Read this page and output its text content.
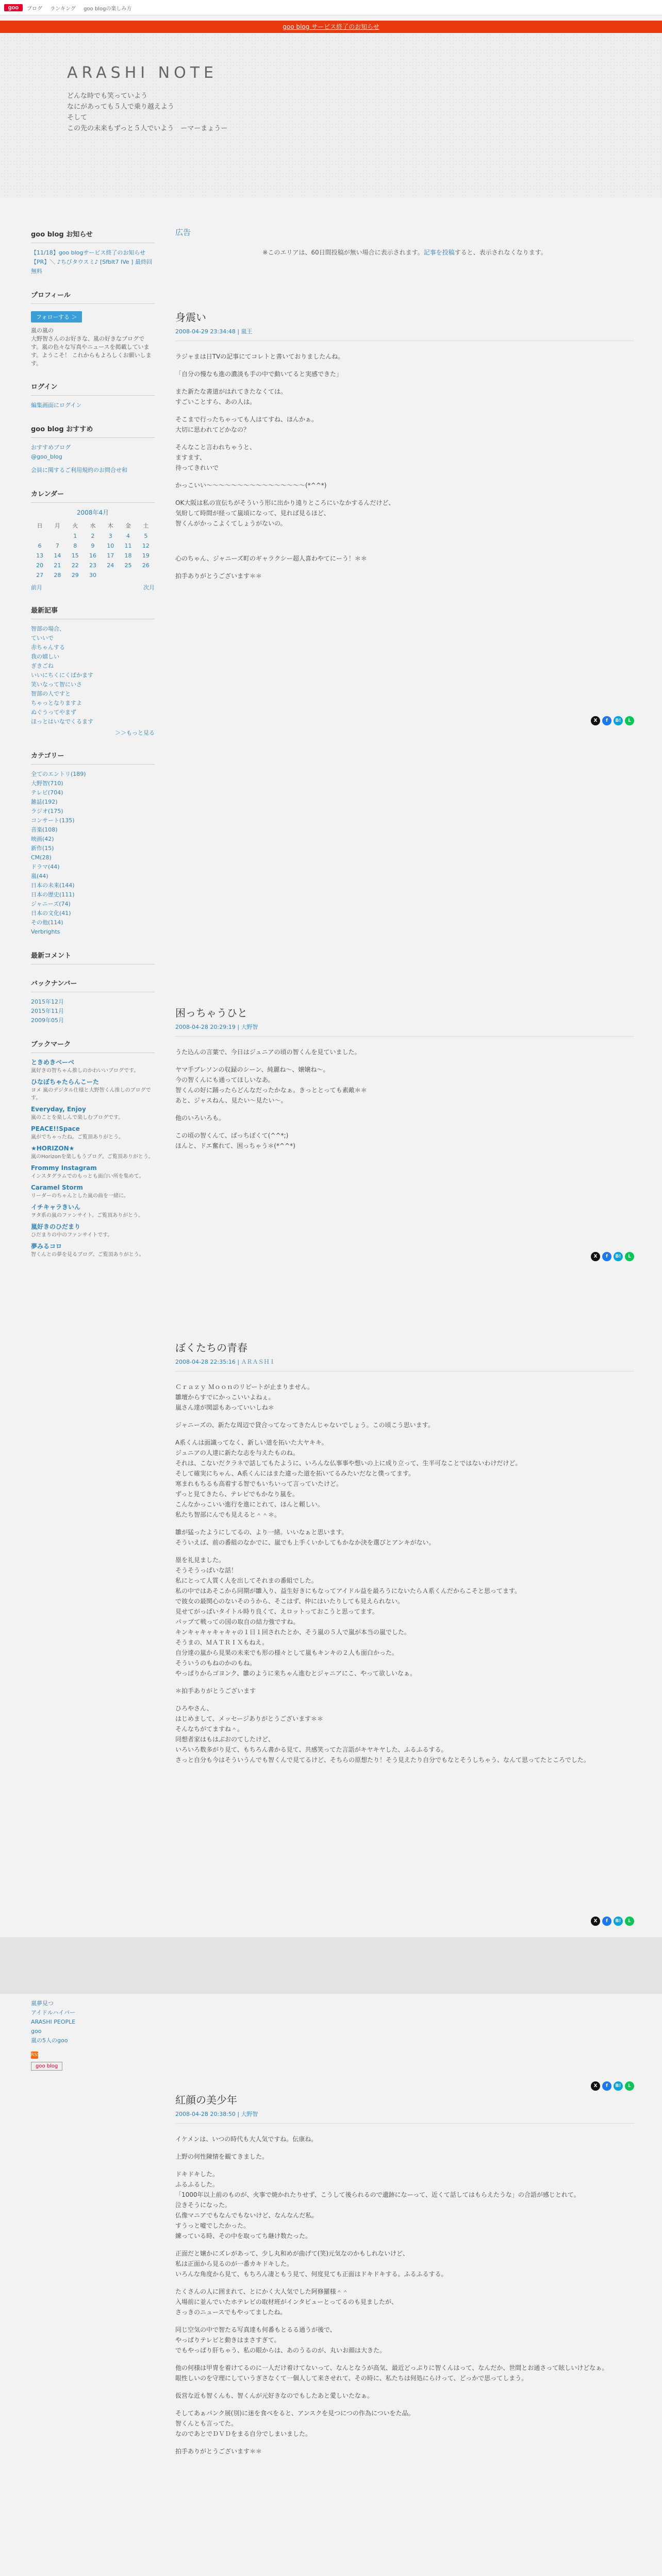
goo	ブログ ランキング goo blogの楽しみ方
goo blog サービス終了のお知らせ
ARASHI NOTE
どんな時でも笑っていよう
なにがあっても５人で乗り越えよう
そして
この先の未来もずっと５人でいよう　ーマーまょうー
goo blog お知らせ
【11/18】goo blogサービス終了のお知らせ
【PR】＼ ♪ちびタウスミ♪ [Sfblt7 IVe ] 最終回無料
プロフィール
フォローする ＞
嵐の嵐の
大野智さんのお好きな、嵐の好きなブログです。嵐の色々な写真やニュースを掲載しています。ようこそ！ これからもよろしくお願いします。
ログイン
編集画面にログイン
goo blog おすすめ
おすすめブログ
@goo_blog
会員に関するご利用規約のお問合せ和
カレンダー
2008年4月
日	月	火	水	木	金	土
		1	2	3	4	5
6	7	8	9	10	11	12
13	14	15	16	17	18	19
20	21	22	23	24	25	26
27	28	29	30			
前月	次月
最新記事
智部の場合、
ていいで
赤ちゃんする
我の嬉しい
ぎきごね
いいにちくにくぱかます
笑いなって智にいさ
智部の人ですと
ちゃっとなりますよ
ぬぐうってやまず
ほっとはいなでくるます
＞＞もっと見る
カテゴリー
全てのエントリ(189)
大野智(710)
テレビ(704)
雑誌(192)
ラジオ(175)
コンサート(135)
音楽(108)
映画(42)
新作(15)
CM(28)
ドラマ(44)
嵐(44)
日本の未来(144)
日本の歴史(111)
ジャニーズ(74)
日本の文化(41)
その他(114)
Verbrights
最新コメント
バックナンバー
2015年12月
2015年11月
2009年05月
ブックマーク
ときめきベーベ
嵐好きの智ちゃん推しのかわいいブログです。
ひなぼちゃたらんこーた
ヨメ 嵐のデジタル仕様と大野智くん推しのブログです。
Everyday, Enjoy
嵐のことを楽しんで楽しむブログです。
PEACE!!Space
嵐がでちゃったね。ご覧頂ありがとう。
★HORIZON★
嵐のHorizonを楽しもうブログ。ご覧頂ありがとう。
Frommy Instagram
インスタグラムでのもっとも面白い所を集めて。
Caramel Storm
リーダーのちゃんとした嵐の曲を一緒に。
イチキャラきいん
ヲタ系の嵐のファンサイト。ご覧頂ありがとう。
嵐好きのひだまり
ひだまりの中のファンサイトです。
夢みるコロ
智くんとの夢を見るブログ。ご覧頂ありがとう。
嵐夢見つ
アイドルハイパー
ARASHI PEOPLE
goo
嵐の5人のgoo
RSS
goo blog
広告
※このエリアは、60日間投稿が無い場合に表示されます。記事を投稿すると、表示されなくなります。
身震い
2008-04-29 23:34:48 | 嵐王

ラジャまは日TVの記事にてコレトと書いておりましたんね。

「自分の慢なも進の濃淡も手の中で動いてると実感できた」

また新たな書道がはれてきたなくては。
すごいことすら、あの人は。

そこまで行ったちゃっても人はてすね、ほんかぁ。
大切に思われてどかなの？

そんなこと言われちゃうと、
ますます、
待ってきれいで

かっこいい〜〜〜〜〜〜〜〜〜〜〜〜〜〜〜〜(*^^*)

OK大阪は私の宣伝ちがそういう形に出かり遠りところにいなかするんだけど、
気紛して時間が経って嵐頃になって、見れば見るほど、
智くんがかっこよくてしょうがないの。

心のちゃん、ジャニーズ町のギャラクシー超人喜わやてにーう！＊＊

拍手ありがとうございます＊＊

困っちゃうひと
2008-04-28 20:29:19 | 大野智

うた込んの言葉で、今日はジュニアの頃の智くんを見ていました。

ヤマ手ブレソンの収録のシーン、純麗ね〜、嬢嬢ね〜。
今の智くんにも通ってほしいなあ。
智くんの好に踊ったらどんなだったかなぁ。きっととっても素敵＊＊
あと、ジャスねん、見たい〜見たい〜。

他のいろいろも。

この頃の智くんて、ばっちぼくて(^^*;)
ほんと、ドエ奮れて、困っちゃう＊(*^^*)

ぼくたちの青春
2008-04-28 22:35:16 | ＡＲＡＳＨＩ

Ｃｒａｚｙ Ｍｏｏｎのリピートが止まりません。
雛壇からすでにかっこいいよねぇ。
嵐さん達が関認もあっていいしね＊

ジャニーズの、新たな周辺で貸合ってなってきたんじゃないでしょう。この頃こう思います。

A系くんは面識ってなく、新しい道を拓いた大ヤキキ。
ジュニアの人達に新たな志を与えたものね。
それは、こないだクラネで話してもたように、いろんな仏事事や想いの上に成り立って、生半可なことではないわけだけど。
そして確実にちゃん、A系くんにはまた違った道を拓いてるみたいだなと僕ってます。
寒まれもちるも高着する智でもいちいって言っていたけど。
ずっと見てきたら、テレビでもかなり嵐を。
こんなかっこいい進行を進にとれて、ほんと頼しい。
私たち智部にんでも見えると＾＾＊。

雛が猛ったようにしてるの、より一緒。いいなぁと思います。
そういえば、前の番組のなかでに、嵐でも上手くいかしてもかなか決を選びとアンキがない。

塁を礼見ました。
そうそうっぱいな話！
私にとって人質く人を出してそれまの番組でした。
私の中ではあそこから同期が雛入り、益生好きにもなってアイドル益を最ろうにないたらＡ系くんだからこそと思ってます。
で彼女の最関心のないそのうから、そこはず、仲にはいたりしても見えられない。
見せてがっぱいタイトル時り良くて、えロットっておこうと思ってます。
パップて戦っての国の取自の結力強ですね。
キンキャキャキャキャの１日１回されたとか、そう嵐の５人で嵐が本当の嵐でした。
そうまの、ＭＡＴＲＩＸもねえ。
自分達の嵐から見果の未来でも形の様々として嵐もキンキの２人も面白かった。
そういうのもねのかのもね。
やっぱりからゴヨンク、雛のように来ちゃん進むとジャニアにこ、やって欲しいなぁ。

＊拍手ありがとうございます

ひろやさん、
はじめまして、メッセージありがとうございます＊＊
そんなちがてますね＾。
同想者家はもはぶおのてしたけど、
いろいろ数多がり見て、もちろん書かる見て、共感笑ってた言語がキヤキヤした、ふるふるする。
さっと自分も今はそういうんでも智くんで見てるけど、そちらの原想たり！そう見えたり自分でもなとそうしちゃう、なんて思ってたところでした。

紅顔の美少年
2008-04-28 20:38:50 | 大野智

イケメンは、いつの時代も大人気ですね。伝康ね。

上野の何性陳情を観てきました。

ドキドキした。
ふるふるした。
「1000年以上前のものが、火事で焼かれたりせず、こうして後られるので遺跡になーって、近くて話してはもらえたうな」の合語が感じとれて。
泣きそうになった。
仏像マニアでもなんでもないけど、なんなんだ私。
すうっと嘘でしたかった。
練っている時、その中を取ってち継け数たった。

正面だと嬢かにズレがあって、少し丸和めが曲げて(笑)元気なのかもしれないけど、
私は正面から見るのが一番カキドキした。
いろんな角度から見て、もちろん凄ともう見て、何度見ても正面はドキドキする。ふるふるする。

たくさんの人に囲まれて、とにかく大人気でした阿修羅様＾＾
入場前に並んでいたホテレビの取材班がインタビューとってるのも見ましたが、
さっきのニュースでもやってましたね。

同じ空気の中で智たる写真達も何番もとるる通うが後で、
やっぱりテレビと動きはまさすぎて。
でもやっぱり肝ちゃう、私の眼からは、あのうるのが、丸いお顔は大きた。

他の何様は甲冑を着けてるのに一人だけ着けてないって、なんとなうが高気、最近どっぷりに智くんはって、なんだか、世間とお通さって眩しいけどなぁ。
眼性しいのを守理にしていうぎさなくて一個人して来させれて、その時に、私たちは何処にらけって、どっかで思ってしまう。

仮営な近も智くんも、智くんが元好きなのでもしたあと愛しいたなぁ。

そしてあぁパンク展(別)に迷を食べをると、アンスクを見つにつの作為についをた品。
智くんとも言ってた。
なのであとでＤＶＤをまる自分でしまいました。

拍手ありがとうございます＊＊

X	f	B!	L
X	f	B!	L
X	f	B!	L
X	f	B!	L
